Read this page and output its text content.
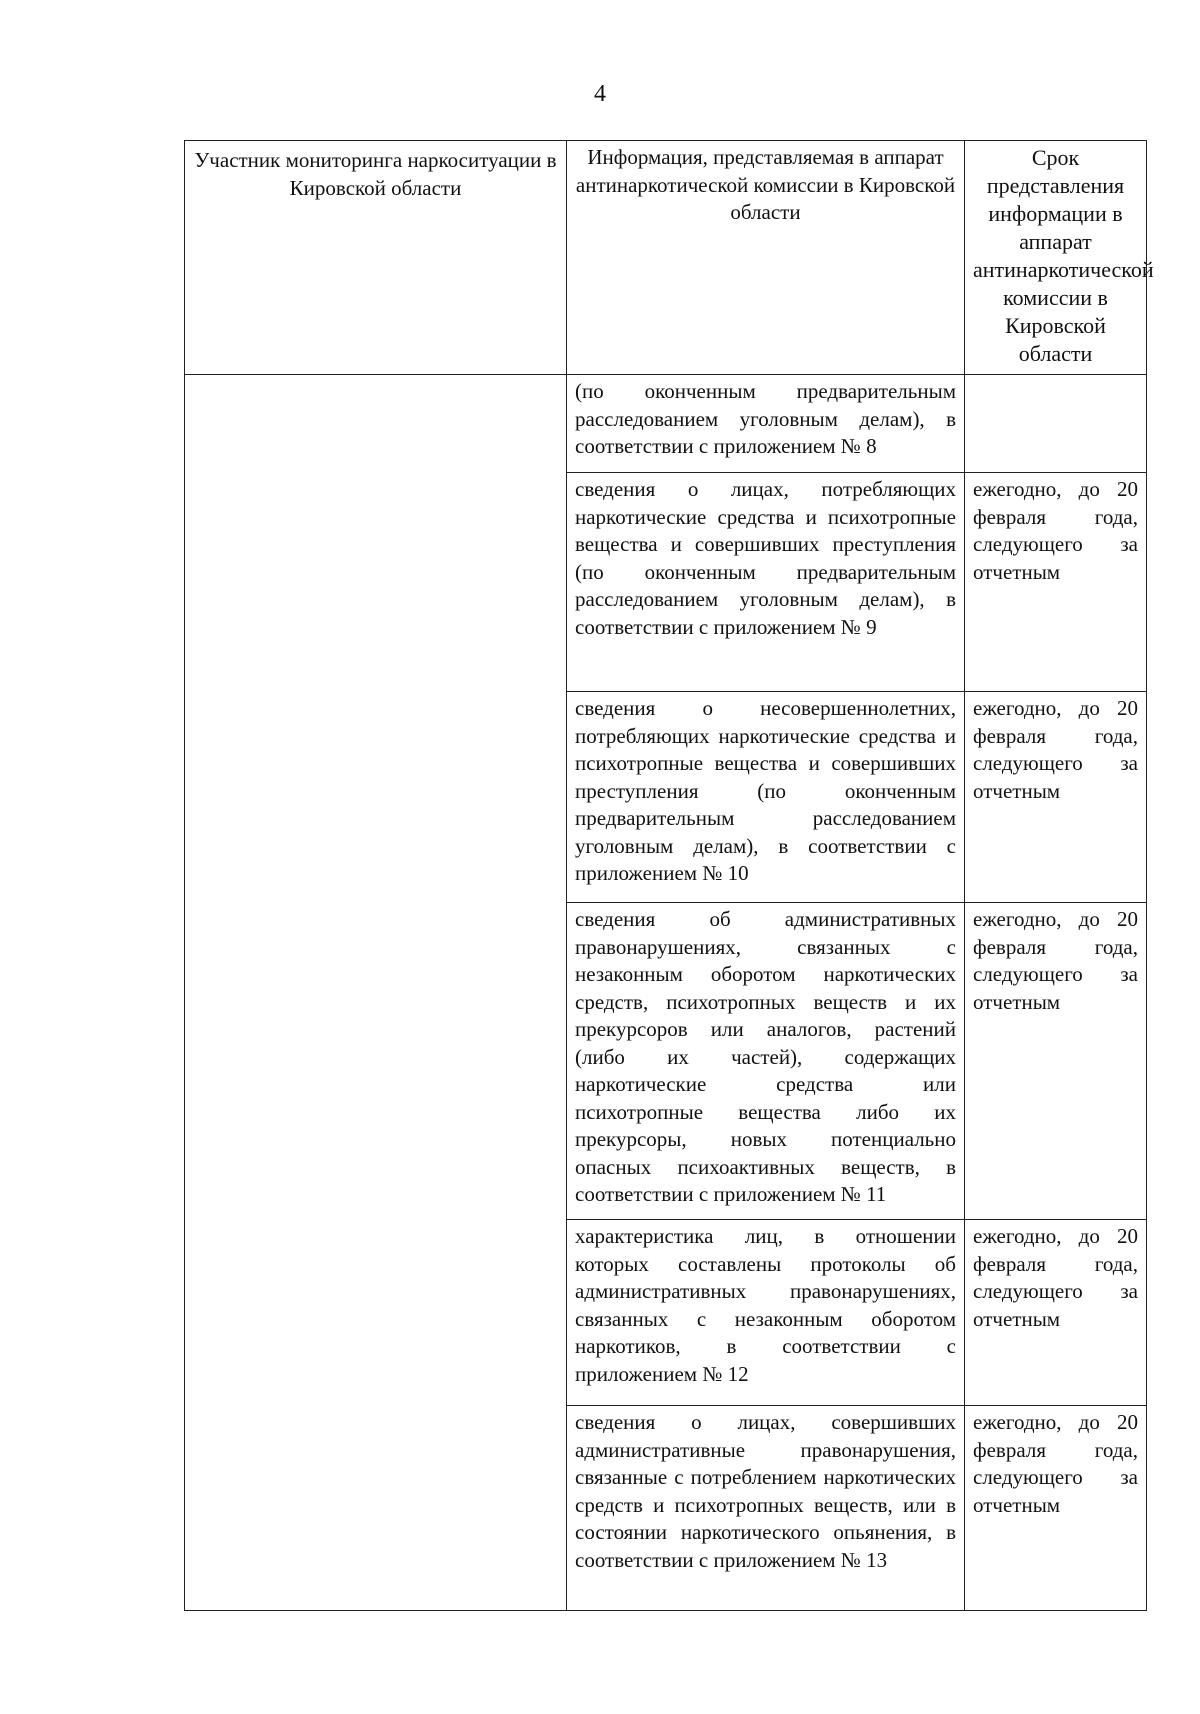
4
Участник мониторинга наркоситуации в Кировской области	Информация, представляемая в аппарат антинаркотической комиссии в Кировской области	Срок представления информации в аппарат антинаркотической комиссии в Кировской области
	(по оконченным предварительным расследованием уголовным делам), в соответствии с приложением № 8	
	сведения о лицах, потребляющих наркотические средства и психотропные вещества и совершивших преступления (по оконченным предварительным расследованием уголовным делам), в соответствии с приложением № 9	ежегодно, до 20 февраля года, следующего за отчетным
	сведения о несовершеннолетних, потребляющих наркотические средства и психотропные вещества и совершивших преступления (по оконченным предварительным расследованием уголовным делам), в соответствии с приложением № 10	ежегодно, до 20 февраля года, следующего за отчетным
	сведения об административных правонарушениях, связанных с незаконным оборотом наркотических средств, психотропных веществ и их прекурсоров или аналогов, растений (либо их частей), содержащих наркотические средства или психотропные вещества либо их прекурсоры, новых потенциально опасных психоактивных веществ, в соответствии с приложением № 11	ежегодно, до 20 февраля года, следующего за отчетным
	характеристика лиц, в отношении которых составлены протоколы об административных правонарушениях, связанных с незаконным оборотом наркотиков, в соответствии с приложением № 12	ежегодно, до 20 февраля года, следующего за отчетным
	сведения о лицах, совершивших административные правонарушения, связанные с потреблением наркотических средств и психотропных веществ, или в состоянии наркотического опьянения, в соответствии с приложением № 13	ежегодно, до 20 февраля года, следующего за отчетным
